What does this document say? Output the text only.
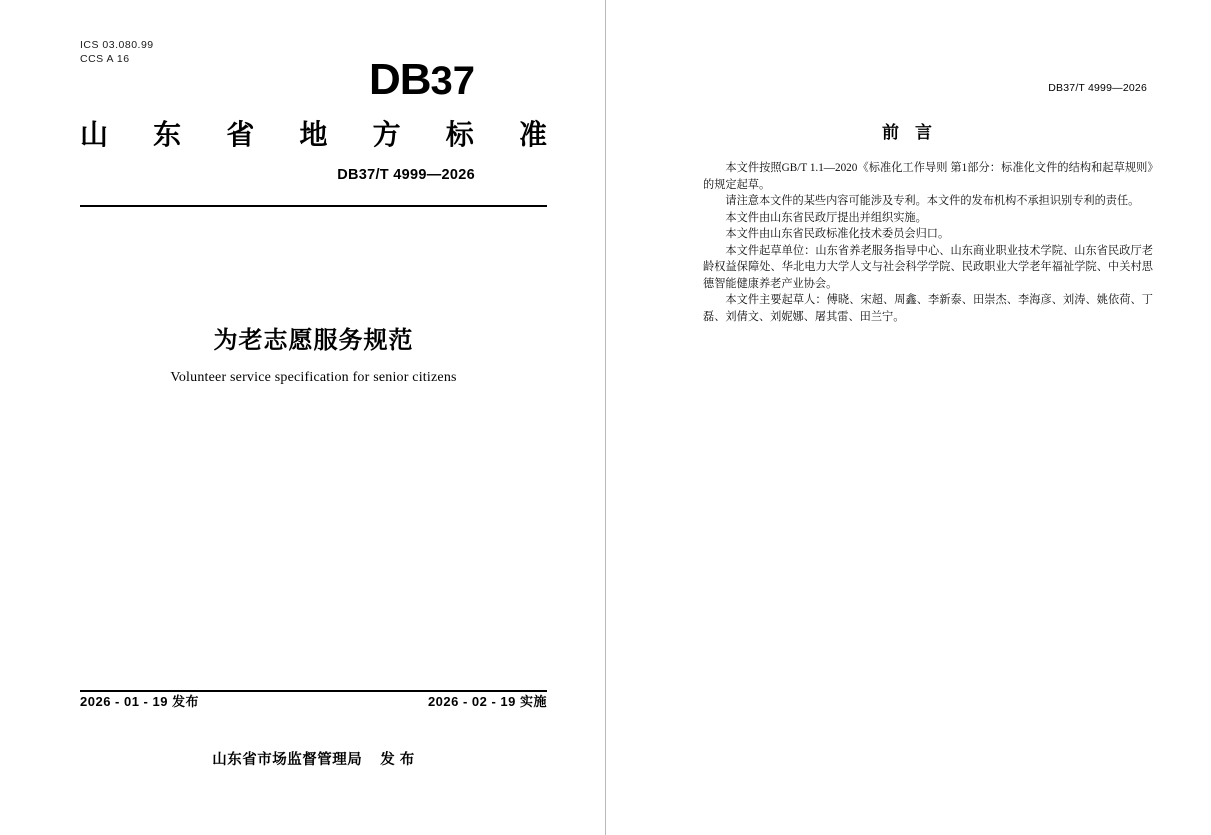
ICS 03.080.99
CCS A 16	DB37
山 东 省 地 方 标 准
DB37/T 4999—2026
为老志愿服务规范
Volunteer service specification for senior citizens
2026 - 01 - 19 发布	2026 - 02 - 19 实施
山东省市场监督管理局 发 布
DB37/T 4999—2026
前 言

本文件按照GB/T 1.1—2020《标准化工作导则 第1部分：标准化文件的结构和起草规则》的规定起草。

请注意本文件的某些内容可能涉及专利。本文件的发布机构不承担识别专利的责任。

本文件由山东省民政厅提出并组织实施。

本文件由山东省民政标准化技术委员会归口。

本文件起草单位：山东省养老服务指导中心、山东商业职业技术学院、山东省民政厅老龄权益保障处、华北电力大学人文与社会科学学院、民政职业大学老年福祉学院、中关村思德智能健康养老产业协会。

本文件主要起草人：傅晓、宋超、周鑫、李新泰、田崇杰、李海彦、刘涛、姚依荷、丁磊、刘倩文、刘妮娜、屠其雷、田兰宁。
